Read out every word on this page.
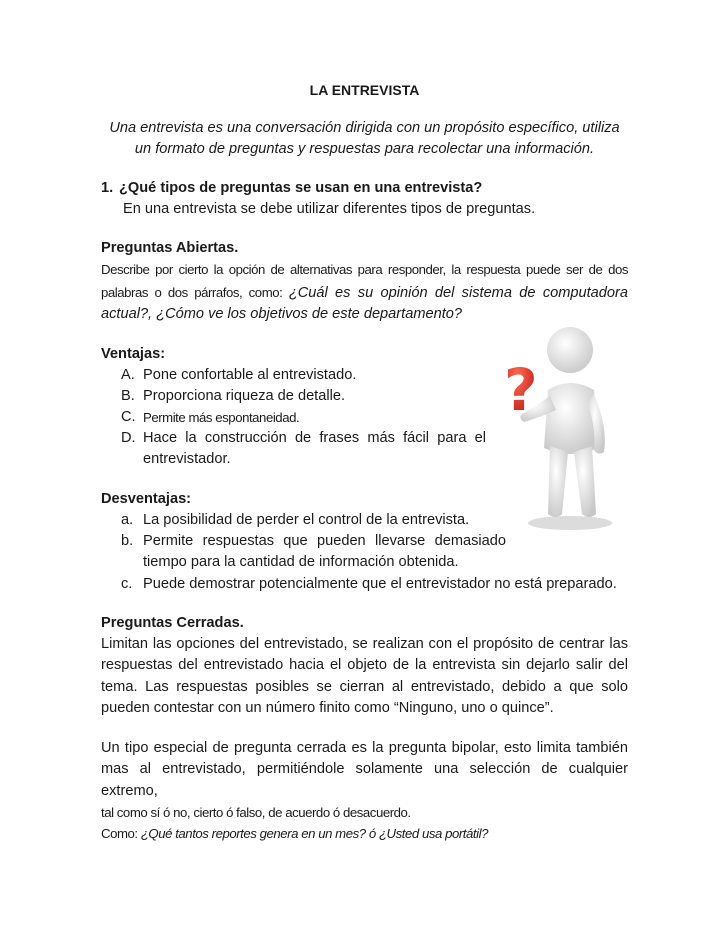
LA ENTREVISTA
Una entrevista es una conversación dirigida con un propósito específico, utiliza un formato de preguntas y respuestas para recolectar una información.
1. ¿Qué tipos de preguntas se usan en una entrevista?
En una entrevista se debe utilizar diferentes tipos de preguntas.
Preguntas Abiertas.
Describe por cierto la opción de alternativas para responder, la respuesta puede ser de dos palabras o dos párrafos, como: ¿Cuál es su opinión del sistema de computadora actual?, ¿Cómo ve los objetivos de este departamento?
Ventajas:
A. Pone confortable al entrevistado.
B. Proporciona riqueza de detalle.
C. Permite más espontaneidad.
D. Hace la construcción de frases más fácil para el entrevistador.
Desventajas:
a. La posibilidad de perder el control de la entrevista.
b. Permite respuestas que pueden llevarse demasiado tiempo para la cantidad de información obtenida.
c. Puede demostrar potencialmente que el entrevistador no está preparado.
Preguntas Cerradas.
Limitan las opciones del entrevistado, se realizan con el propósito de centrar las respuestas del entrevistado hacia el objeto de la entrevista sin dejarlo salir del tema. Las respuestas posibles se cierran al entrevistado, debido a que solo pueden contestar con un número finito como “Ninguno, uno o quince”.
Un tipo especial de pregunta cerrada es la pregunta bipolar, esto limita también mas al entrevistado, permitiéndole solamente una selección de cualquier extremo,
tal como sí ó no, cierto ó falso, de acuerdo ó desacuerdo.
Como: ¿Qué tantos reportes genera en un mes? ó ¿Usted usa portátil?
?
